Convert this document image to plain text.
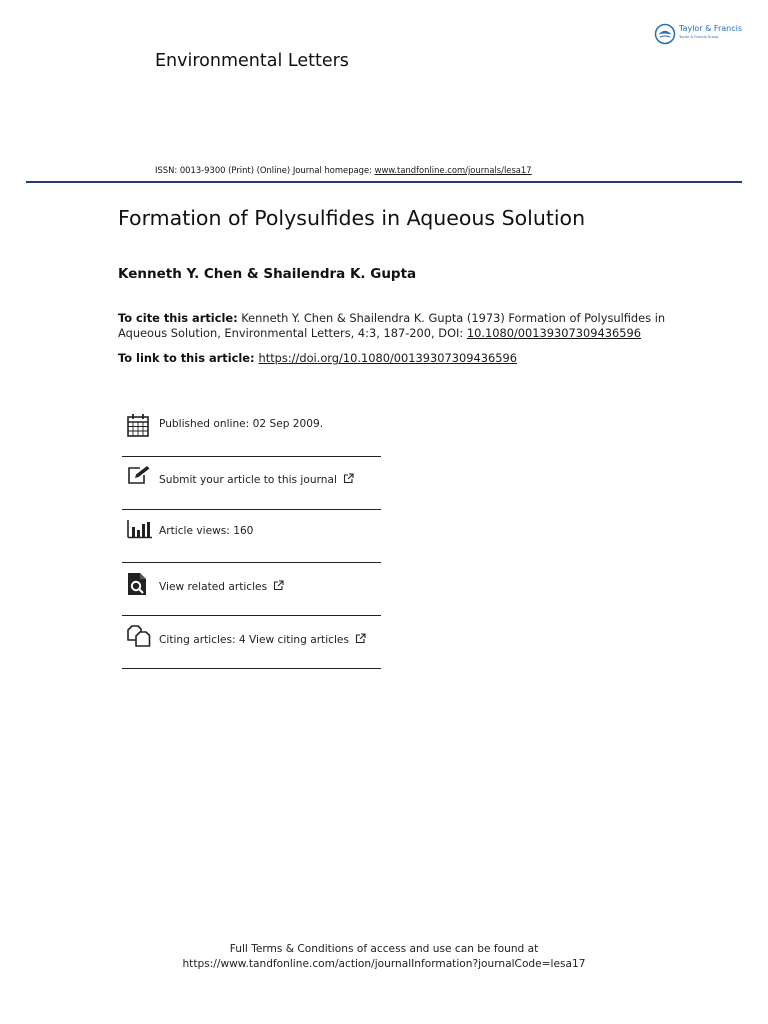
Taylor & Francis
Taylor & Francis Group
Environmental Letters
ISSN: 0013-9300 (Print) (Online) Journal homepage: www.tandfonline.com/journals/lesa17
Formation of Polysulfides in Aqueous Solution
Kenneth Y. Chen & Shailendra K. Gupta
To cite this article: Kenneth Y. Chen & Shailendra K. Gupta (1973) Formation of Polysulfides in Aqueous Solution, Environmental Letters, 4:3, 187-200, DOI: 10.1080/00139307309436596
To link to this article: https://doi.org/10.1080/00139307309436596
Published online: 02 Sep 2009.
Submit your article to this journal
Article views: 160
View related articles
Citing articles: 4 View citing articles
Full Terms & Conditions of access and use can be found at
https://www.tandfonline.com/action/journalInformation?journalCode=lesa17
